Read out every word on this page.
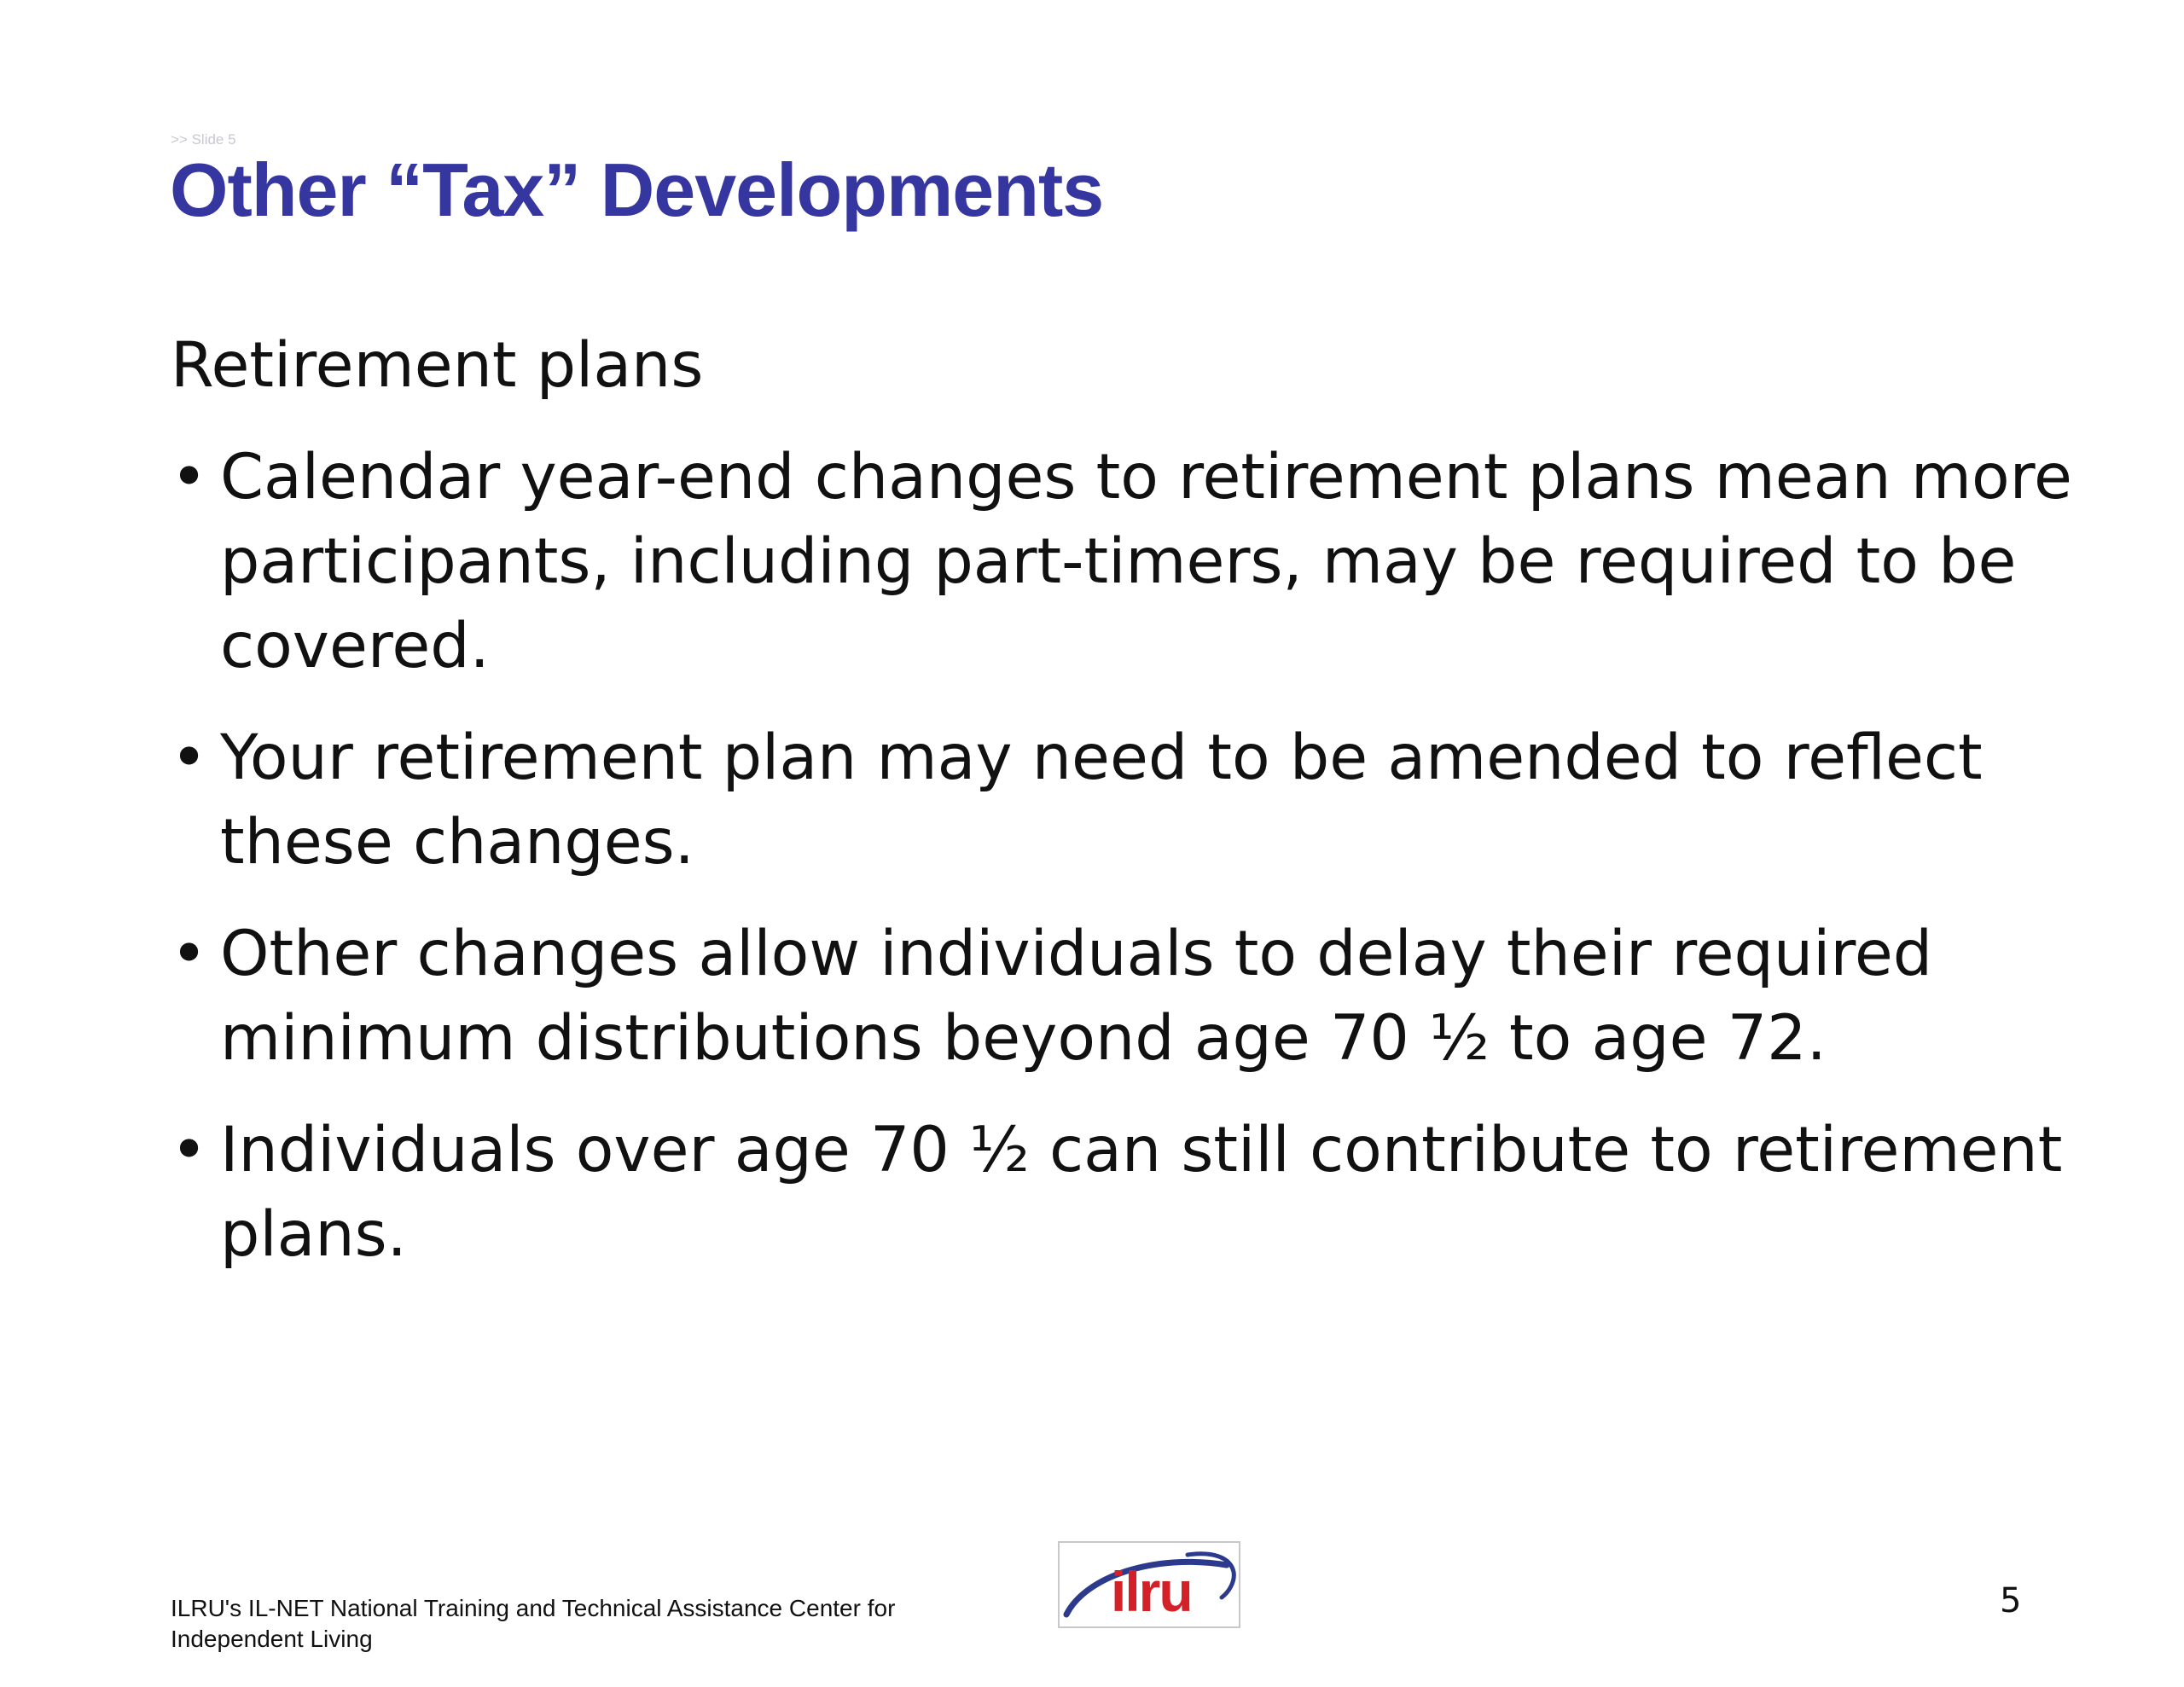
>> Slide 5
Other “Tax” Developments
Retirement plans
• Calendar year-end changes to retirement plans mean more participants, including part-timers, may be required to be covered.
• Your retirement plan may need to be amended to reflect these changes.
• Other changes allow individuals to delay their required minimum distributions beyond age 70 ½ to age 72.
• Individuals over age 70 ½ can still contribute to retirement plans.
ILRU's IL-NET National Training and Technical Assistance Center for
Independent Living
ilru	5
